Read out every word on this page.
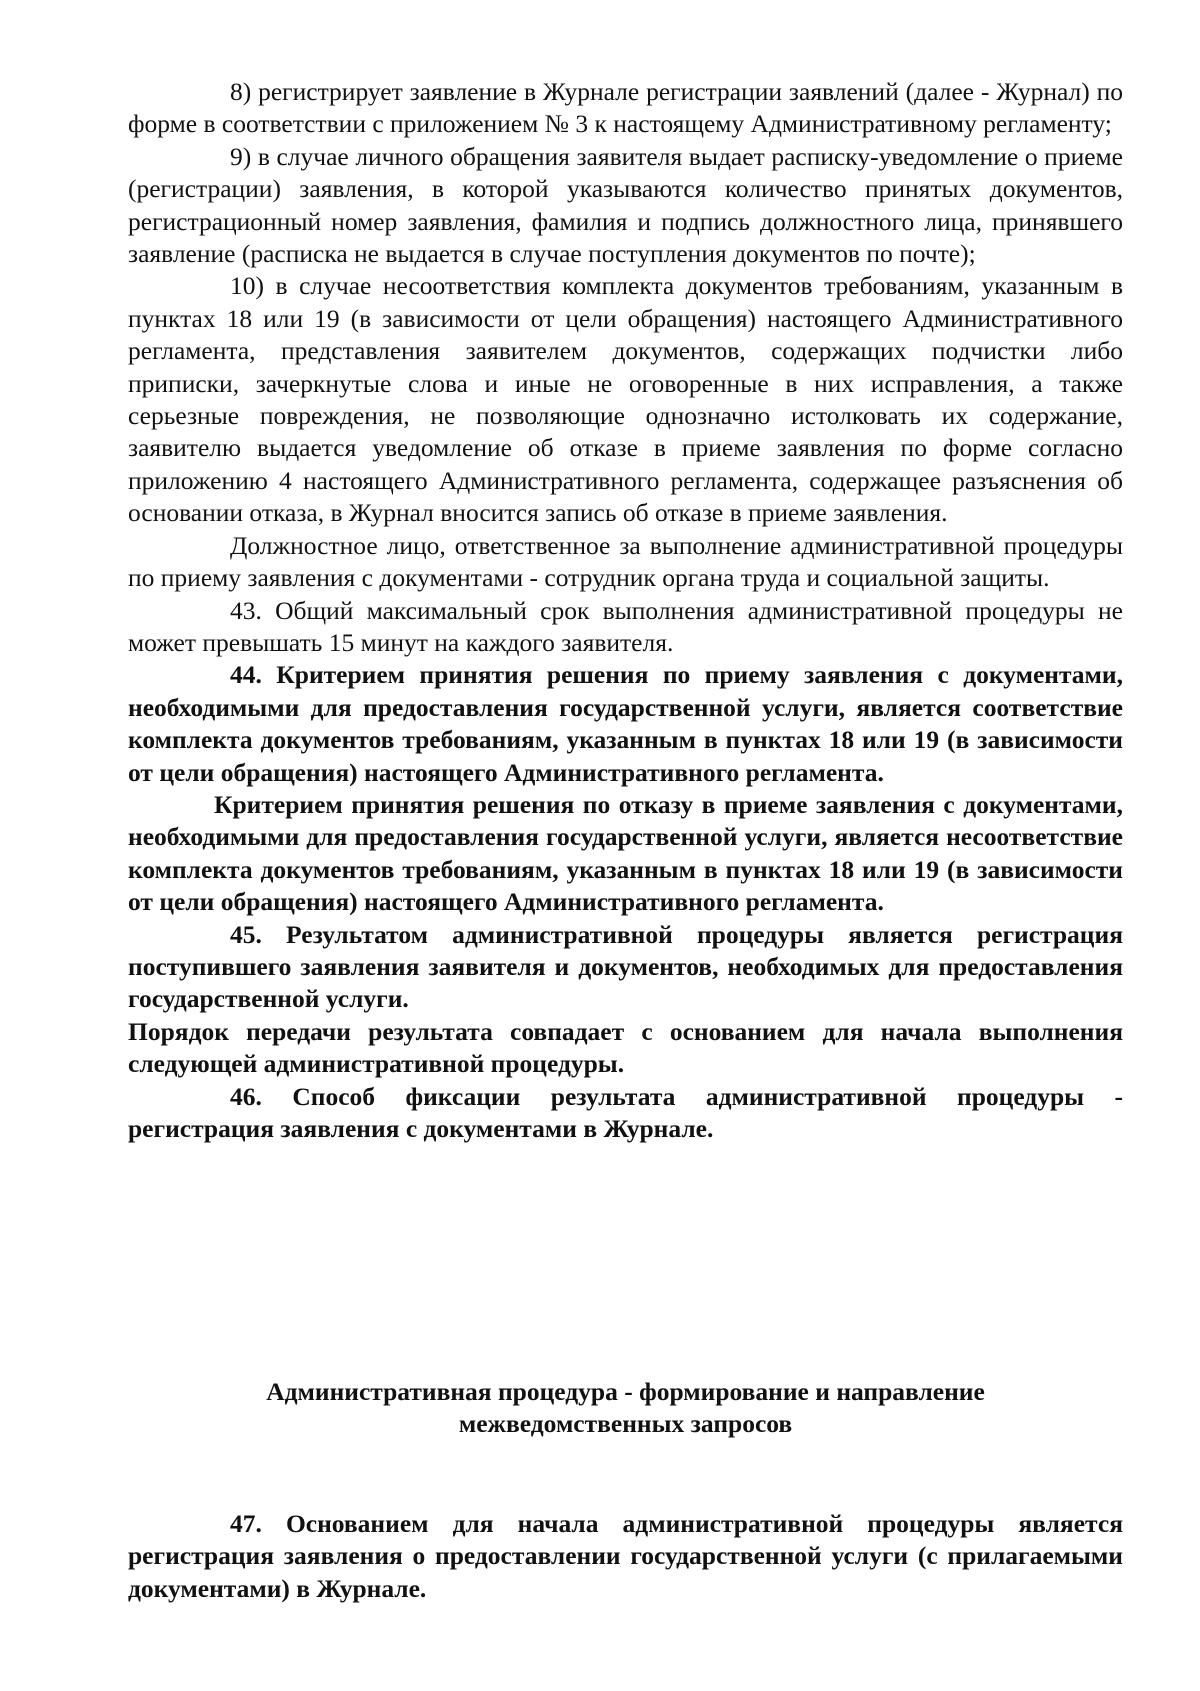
8) регистрирует заявление в Журнале регистрации заявлений (далее - Журнал) по форме в соответствии с приложением № 3 к настоящему Административному регламенту;

9) в случае личного обращения заявителя выдает расписку-уведомление о приеме (регистрации) заявления, в которой указываются количество принятых документов, регистрационный номер заявления, фамилия и подпись должностного лица, принявшего заявление (расписка не выдается в случае поступления документов по почте);

10) в случае несоответствия комплекта документов требованиям, указанным в пунктах 18 или 19 (в зависимости от цели обращения) настоящего Административного регламента, представления заявителем документов, содержащих подчистки либо приписки, зачеркнутые слова и иные не оговоренные в них исправления, а также серьезные повреждения, не позволяющие однозначно истолковать их содержание, заявителю выдается уведомление об отказе в приеме заявления по форме согласно приложению 4 настоящего Административного регламента, содержащее разъяснения об основании отказа, в Журнал вносится запись об отказе в приеме заявления.

Должностное лицо, ответственное за выполнение административной процедуры по приему заявления с документами - сотрудник органа труда и социальной защиты.

43. Общий максимальный срок выполнения административной процедуры не может превышать 15 минут на каждого заявителя.

44. Критерием принятия решения по приему заявления с документами, необходимыми для предоставления государственной услуги, является соответствие комплекта документов требованиям, указанным в пунктах 18 или 19 (в зависимости от цели обращения) настоящего Административного регламента.

Критерием принятия решения по отказу в приеме заявления с документами, необходимыми для предоставления государственной услуги, является несоответствие комплекта документов требованиям, указанным в пунктах 18 или 19 (в зависимости от цели обращения) настоящего Административного регламента.

45. Результатом административной процедуры является регистрация поступившего заявления заявителя и документов, необходимых для предоставления государственной услуги.

Порядок передачи результата совпадает с основанием для начала выполнения следующей административной процедуры.

46. Способ фиксации результата административной процедуры - регистрация заявления с документами в Журнале.

Административная процедура - формирование и направление

межведомственных запросов

47. Основанием для начала административной процедуры является регистрация заявления о предоставлении государственной услуги (с прилагаемыми документами) в Журнале.
